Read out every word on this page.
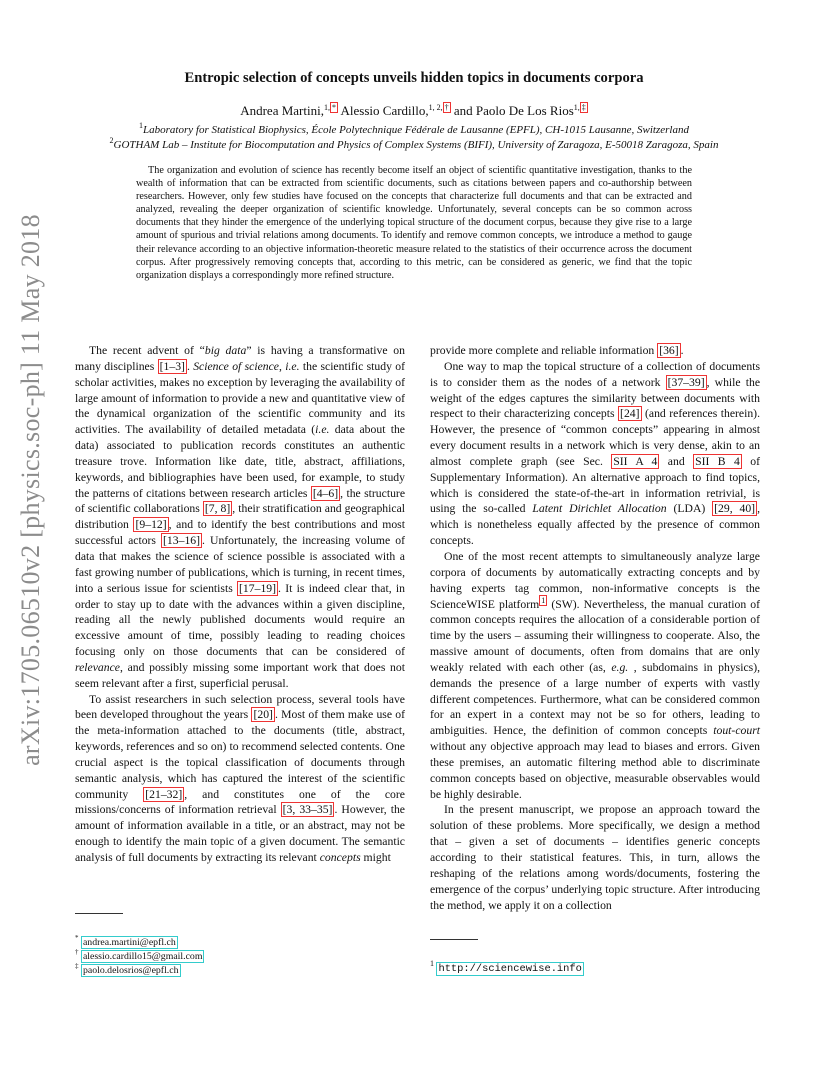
arXiv:1705.06510v2 [physics.soc-ph] 11 May 2018
Entropic selection of concepts unveils hidden topics in documents corpora
Andrea Martini,$^{1,}$ * Alessio Cardillo,$^{1, 2,}$ † and Paolo De Los Rios$^{1,}$ ‡
$^1$Laboratory for Statistical Biophysics, École Polytechnique Fédérale de Lausanne (EPFL), CH-1015 Lausanne, Switzerland
$^2$GOTHAM Lab – Institute for Biocomputation and Physics of Complex Systems (BIFI), University of Zaragoza, E-50018 Zaragoza, Spain

The organization and evolution of science has recently become itself an object of scientific quantitative investigation, thanks to the wealth of information that can be extracted from scientific documents, such as citations between papers and co-authorship between researchers. However, only few studies have focused on the concepts that characterize full documents and that can be extracted and analyzed, revealing the deeper organization of scientific knowledge. Unfortunately, several concepts can be so common across documents that they hinder the emergence of the underlying topical structure of the document corpus, because they give rise to a large amount of spurious and trivial relations among documents. To identify and remove common concepts, we introduce a method to gauge their relevance according to an objective information-theoretic measure related to the statistics of their occurrence across the document corpus. After progressively removing concepts that, according to this metric, can be considered as generic, we find that the topic organization displays a correspondingly more refined structure.

The recent advent of “big data” is having a transformative on many disciplines [1–3] . Science of science, i.e. the scientific study of scholar activities, makes no exception by leveraging the availability of large amount of information to provide a new and quantitative view of the dynamical organization of the scientific community and its activities. The availability of detailed metadata (i.e. data about the data) associated to publication records constitutes an authentic treasure trove. Information like date, title, abstract, affiliations, keywords, and bibliographies have been used, for example, to study the patterns of citations between research articles [4–6] , the structure of scientific collaborations [7, 8] , their stratification and geographical distribution [9–12] , and to identify the best contributions and most successful actors [13–16] . Unfortunately, the increasing volume of data that makes the science of science possible is associated with a fast growing number of publications, which is turning, in recent times, into a serious issue for scientists [17–19] . It is indeed clear that, in order to stay up to date with the advances within a given discipline, reading all the newly published documents would require an excessive amount of time, possibly leading to reading choices focusing only on those documents that can be considered of relevance, and possibly missing some important work that does not seem relevant after a first, superficial perusal.

To assist researchers in such selection process, several tools have been developed throughout the years [20] . Most of them make use of the meta-information attached to the documents (title, abstract, keywords, references and so on) to recommend selected contents. One crucial aspect is the topical classification of documents through semantic analysis, which has captured the interest of the scientific community [21–32] , and constitutes one of the core missions/concerns of information retrieval [3, 33–35] . However, the amount of information available in a title, or an abstract, may not be enough to identify the main topic of a given document. The semantic analysis of full documents by extracting its relevant concepts might

provide more complete and reliable information [36] .

One way to map the topical structure of a collection of documents is to consider them as the nodes of a network [37–39] , while the weight of the edges captures the similarity between documents with respect to their characterizing concepts [24] (and references therein). However, the presence of “common concepts” appearing in almost every document results in a network which is very dense, akin to an almost complete graph (see Sec. SII A 4 and SII B 4 of Supplementary Information). An alternative approach to find topics, which is considered the state-of-the-art in information retrivial, is using the so-called Latent Dirichlet Allocation (LDA) [29, 40] , which is nonetheless equally affected by the presence of common concepts.

One of the most recent attempts to simultaneously analyze large corpora of documents by automatically extracting concepts and by having experts tag common, non-informative concepts is the ScienceWISE platform $^1$ (SW). Nevertheless, the manual curation of common concepts requires the allocation of a considerable portion of time by the users – assuming their willingness to cooperate. Also, the massive amount of documents, often from domains that are only weakly related with each other (as, e.g. , subdomains in physics), demands the presence of a large number of experts with vastly different competences. Furthermore, what can be considered common for an expert in a context may not be so for others, leading to ambiguities. Hence, the definition of common concepts tout-court without any objective approach may lead to biases and errors. Given these premises, an automatic filtering method able to discriminate common concepts based on objective, measurable observables would be highly desirable.

In the present manuscript, we propose an approach toward the solution of these problems. More specifically, we design a method that – given a set of documents – identifies generic concepts according to their statistical features. This, in turn, allows the reshaping of the relations among words/documents, fostering the emergence of the corpus’ underlying topic structure. After introducing the method, we apply it on a collection

* andrea.martini@epfl.ch
† alessio.cardillo15@gmail.com
‡ paolo.delosrios@epfl.ch
$^1$ http://sciencewise.info
